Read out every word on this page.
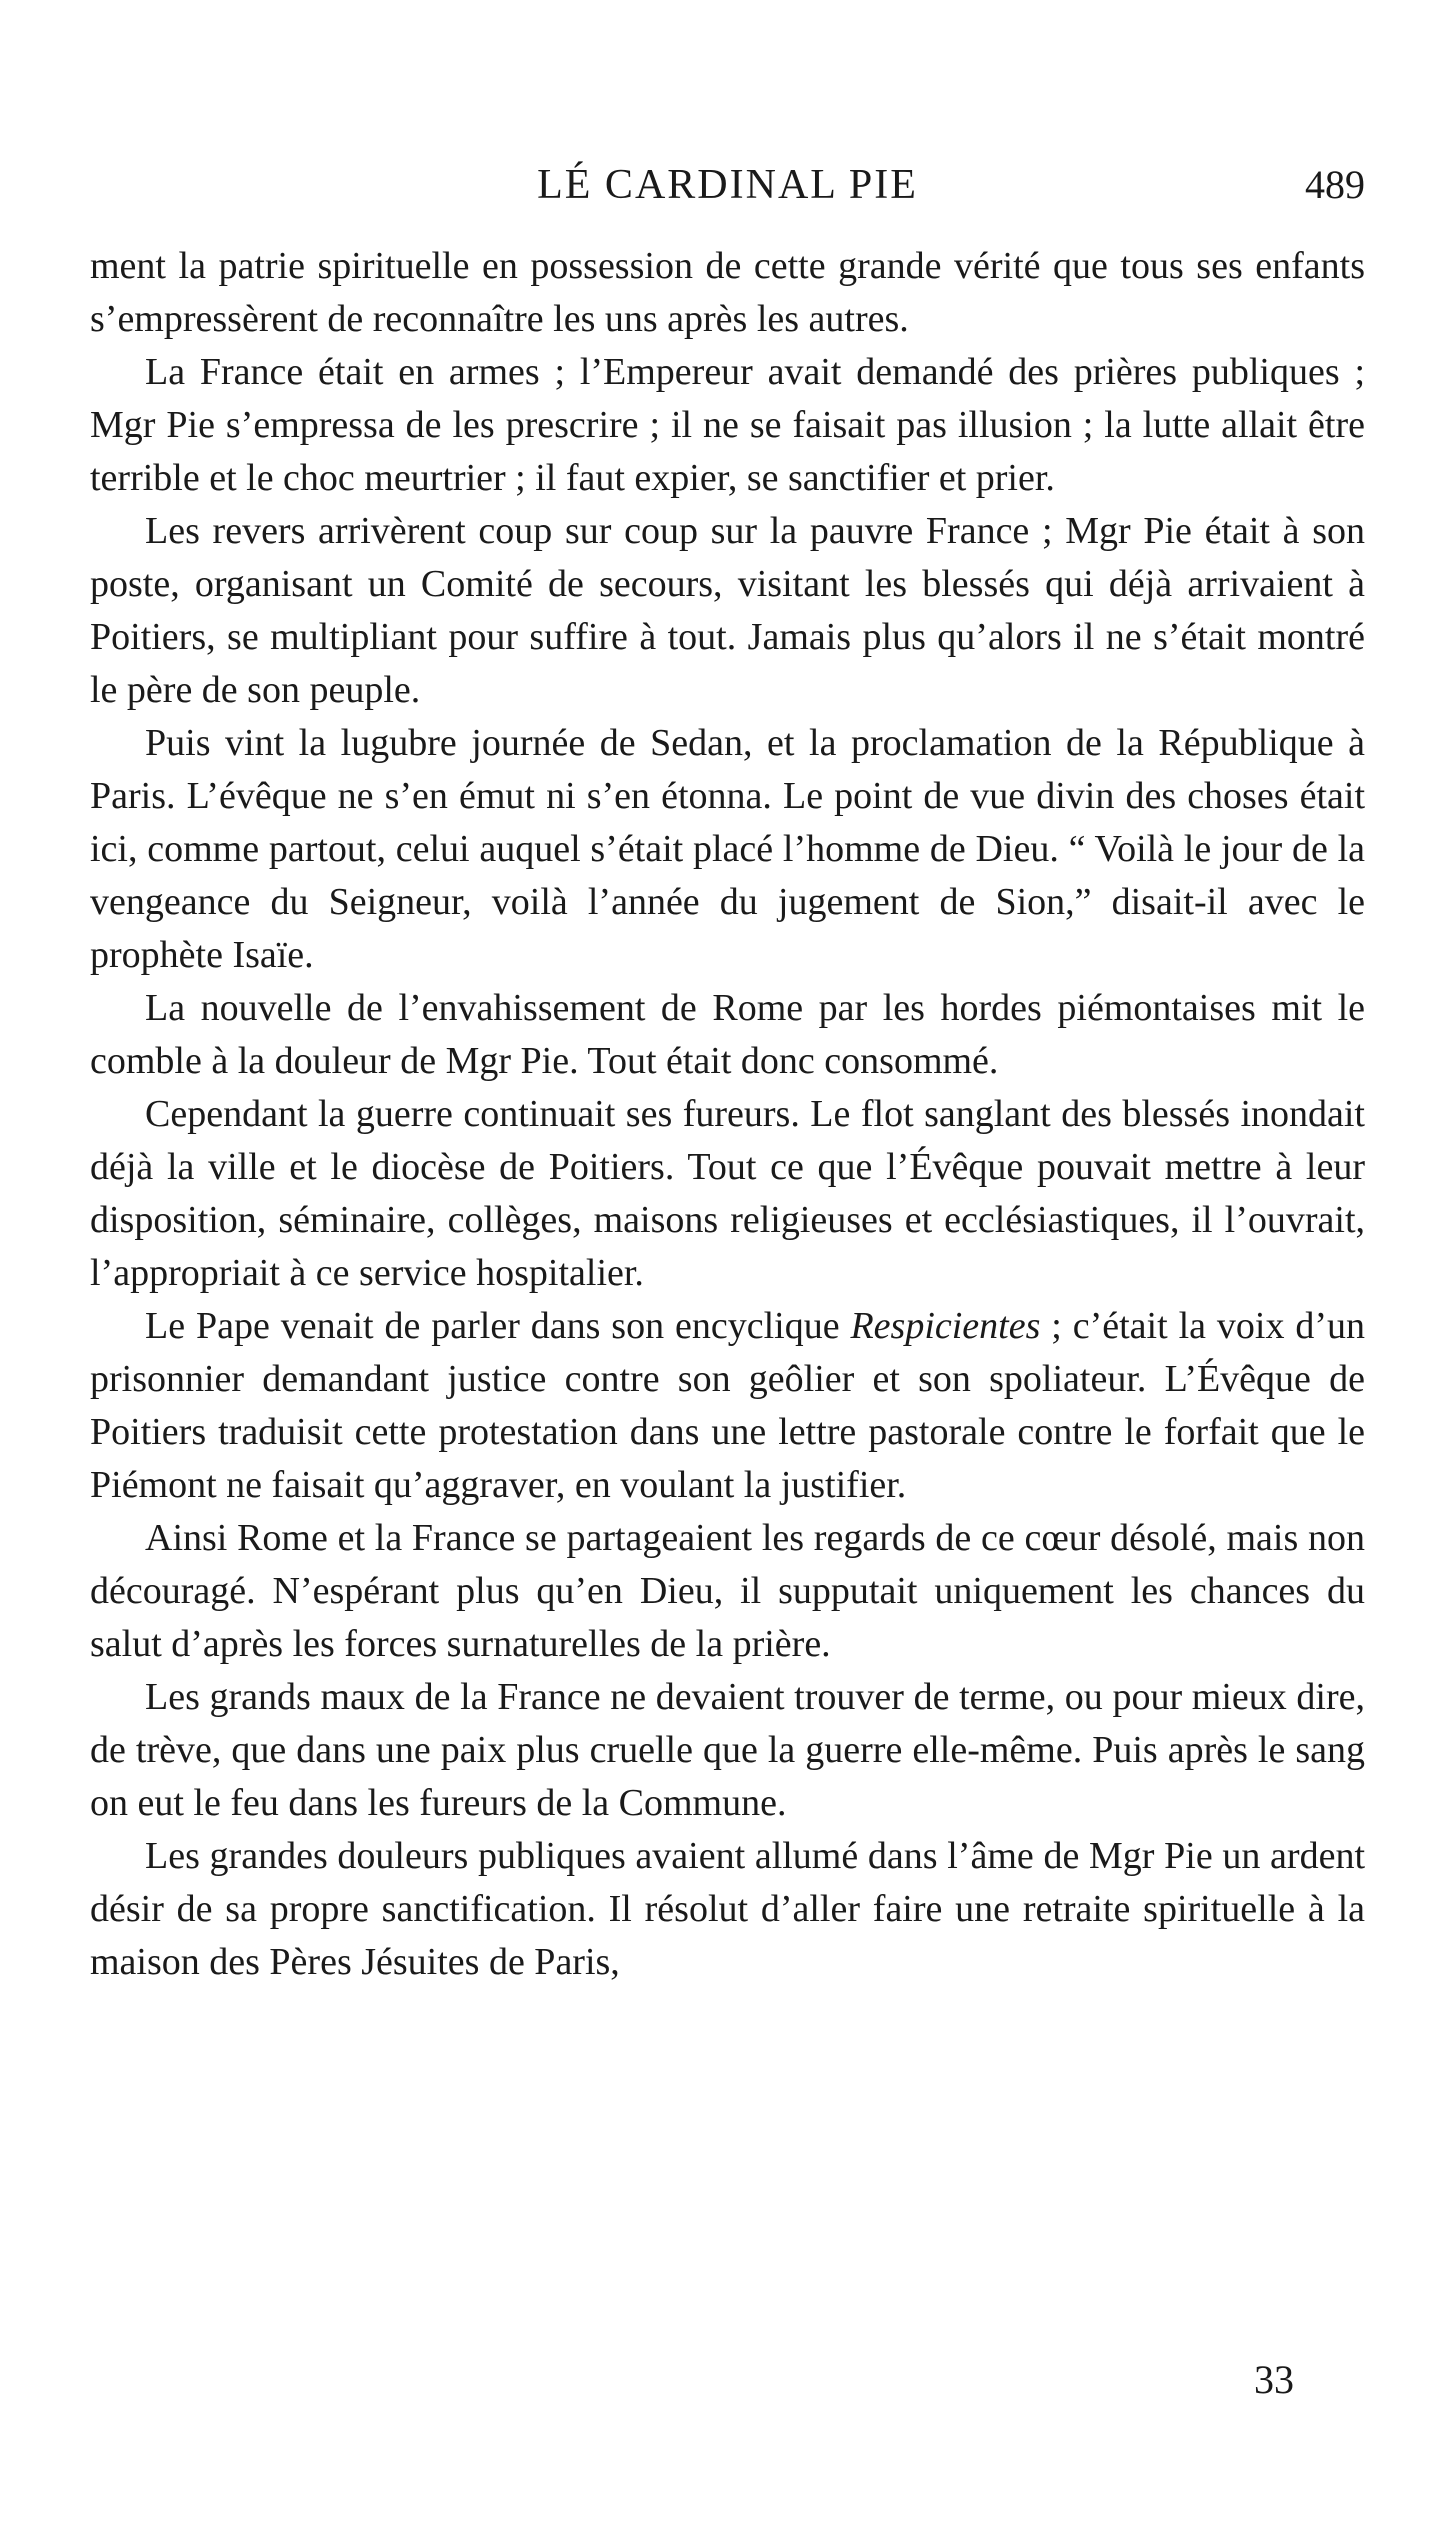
LÉ CARDINAL PIE	489

ment la patrie spirituelle en possession de cette grande vérité que tous ses enfants s’empressèrent de reconnaître les uns après les autres.

La France était en armes ; l’Empereur avait demandé des prières publiques ; Mgr Pie s’empressa de les prescrire ; il ne se faisait pas illusion ; la lutte allait être terrible et le choc meurtrier ; il faut expier, se sanctifier et prier.

Les revers arrivèrent coup sur coup sur la pauvre France ; Mgr Pie était à son poste, organisant un Comité de secours, visitant les blessés qui déjà arrivaient à Poitiers, se multipliant pour suffire à tout. Jamais plus qu’alors il ne s’était montré le père de son peuple.

Puis vint la lugubre journée de Sedan, et la proclamation de la République à Paris. L’évêque ne s’en émut ni s’en étonna. Le point de vue divin des choses était ici, comme partout, celui auquel s’était placé l’homme de Dieu. “ Voilà le jour de la vengeance du Seigneur, voilà l’année du jugement de Sion,” disait-il avec le prophète Isaïe.

La nouvelle de l’envahissement de Rome par les hordes piémontaises mit le comble à la douleur de Mgr Pie. Tout était donc consommé.

Cependant la guerre continuait ses fureurs. Le flot sanglant des blessés inondait déjà la ville et le diocèse de Poitiers. Tout ce que l’Évêque pouvait mettre à leur disposition, séminaire, collèges, maisons religieuses et ecclésiastiques, il l’ouvrait, l’appropriait à ce service hospitalier.

Le Pape venait de parler dans son encyclique Respicientes ; c’était la voix d’un prisonnier demandant justice contre son geôlier et son spoliateur. L’Évêque de Poitiers traduisit cette protestation dans une lettre pastorale contre le forfait que le Piémont ne faisait qu’aggraver, en voulant la justifier.

Ainsi Rome et la France se partageaient les regards de ce cœur désolé, mais non découragé. N’espérant plus qu’en Dieu, il supputait uniquement les chances du salut d’après les forces surnaturelles de la prière.

Les grands maux de la France ne devaient trouver de terme, ou pour mieux dire, de trève, que dans une paix plus cruelle que la guerre elle-même. Puis après le sang on eut le feu dans les fureurs de la Commune.

Les grandes douleurs publiques avaient allumé dans l’âme de Mgr Pie un ardent désir de sa propre sanctification. Il résolut d’aller faire une retraite spirituelle à la maison des Pères Jésuites de Paris,

33
